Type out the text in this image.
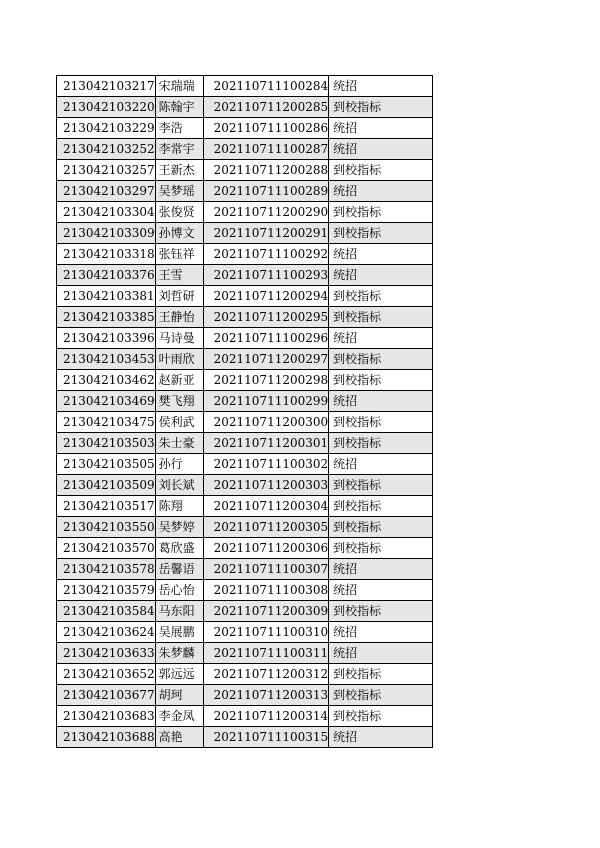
213042103217	宋瑞瑞	202110711100284	统招
213042103220	陈翰宇	202110711200285	到校指标
213042103229	李浩	202110711100286	统招
213042103252	李常宇	202110711100287	统招
213042103257	王新杰	202110711200288	到校指标
213042103297	吴梦瑶	202110711100289	统招
213042103304	张俊贤	202110711200290	到校指标
213042103309	孙博文	202110711200291	到校指标
213042103318	张钰祥	202110711100292	统招
213042103376	王雪	202110711100293	统招
213042103381	刘哲研	202110711200294	到校指标
213042103385	王静怡	202110711200295	到校指标
213042103396	马诗曼	202110711100296	统招
213042103453	叶雨欣	202110711200297	到校指标
213042103462	赵新亚	202110711200298	到校指标
213042103469	樊飞翔	202110711100299	统招
213042103475	侯利武	202110711200300	到校指标
213042103503	朱士豪	202110711200301	到校指标
213042103505	孙行	202110711100302	统招
213042103509	刘长斌	202110711200303	到校指标
213042103517	陈翔	202110711200304	到校指标
213042103550	吴梦婷	202110711200305	到校指标
213042103570	葛欣盛	202110711200306	到校指标
213042103578	岳馨语	202110711100307	统招
213042103579	岳心怡	202110711100308	统招
213042103584	马东阳	202110711200309	到校指标
213042103624	吴展鹏	202110711100310	统招
213042103633	朱梦麟	202110711100311	统招
213042103652	郭远远	202110711200312	到校指标
213042103677	胡珂	202110711200313	到校指标
213042103683	李金凤	202110711200314	到校指标
213042103688	高艳	202110711100315	统招
